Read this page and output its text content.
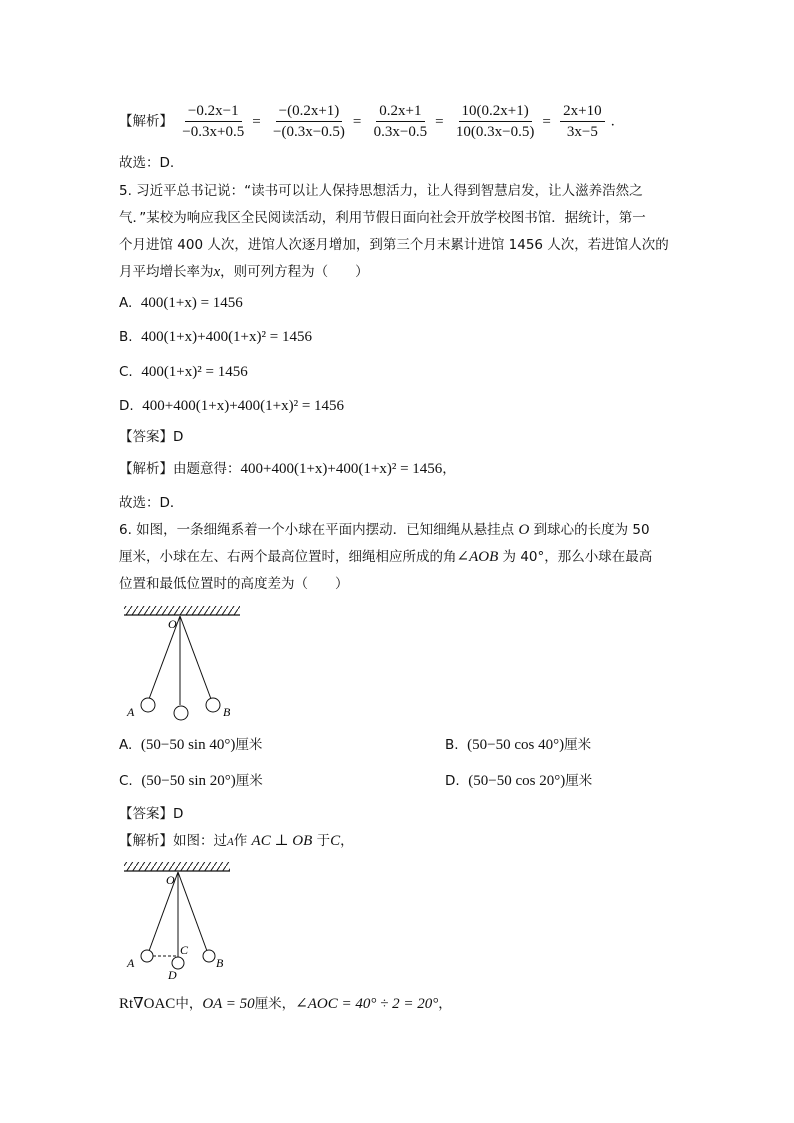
【解析】 $\frac{-0.2x-1}{-0.3x+0.5} = \frac{-(0.2x+1)}{-(0.3x-0.5)} = \frac{0.2x+1}{0.3x-0.5} = \frac{10(0.2x+1)}{10(0.3x-0.5)} = \frac{2x+10}{3x-5}$ .
故选：D.
5. 习近平总书记说：“读书可以让人保持思想活力，让人得到智慧启发，让人滋养浩然之
气．”某校为响应我区全民阅读活动，利用节假日面向社会开放学校图书馆．据统计，第一
个月进馆 400 人次，进馆人次逐月增加，到第三个月末累计进馆 1456 人次，若进馆人次的
月平均增长率为x，则可列方程为（　　）
A. 400(1+x) = 1456
B. 400(1+x)+400(1+x)² = 1456
C. 400(1+x)² = 1456
D. 400+400(1+x)+400(1+x)² = 1456
【答案】D
【解析】由题意得：400+400(1+x)+400(1+x)² = 1456，
故选：D．
6. 如图，一条细绳系着一个小球在平面内摆动．已知细绳从悬挂点 O 到球心的长度为 50
厘米，小球在左、右两个最高位置时，细绳相应所成的角∠AOB 为 40°，那么小球在最高
位置和最低位置时的高度差为（　　）
O
A	B
A. (50−50 sin 40°)厘米	B. (50−50 cos 40°)厘米
C. (50−50 sin 20°)厘米	D. (50−50 cos 20°)厘米
【答案】D
【解析】如图：过A作 AC ⊥ OB 于C，
O
C
A
D
B
Rt∇OAC中，OA = 50厘米，∠AOC = 40° ÷ 2 = 20°，
